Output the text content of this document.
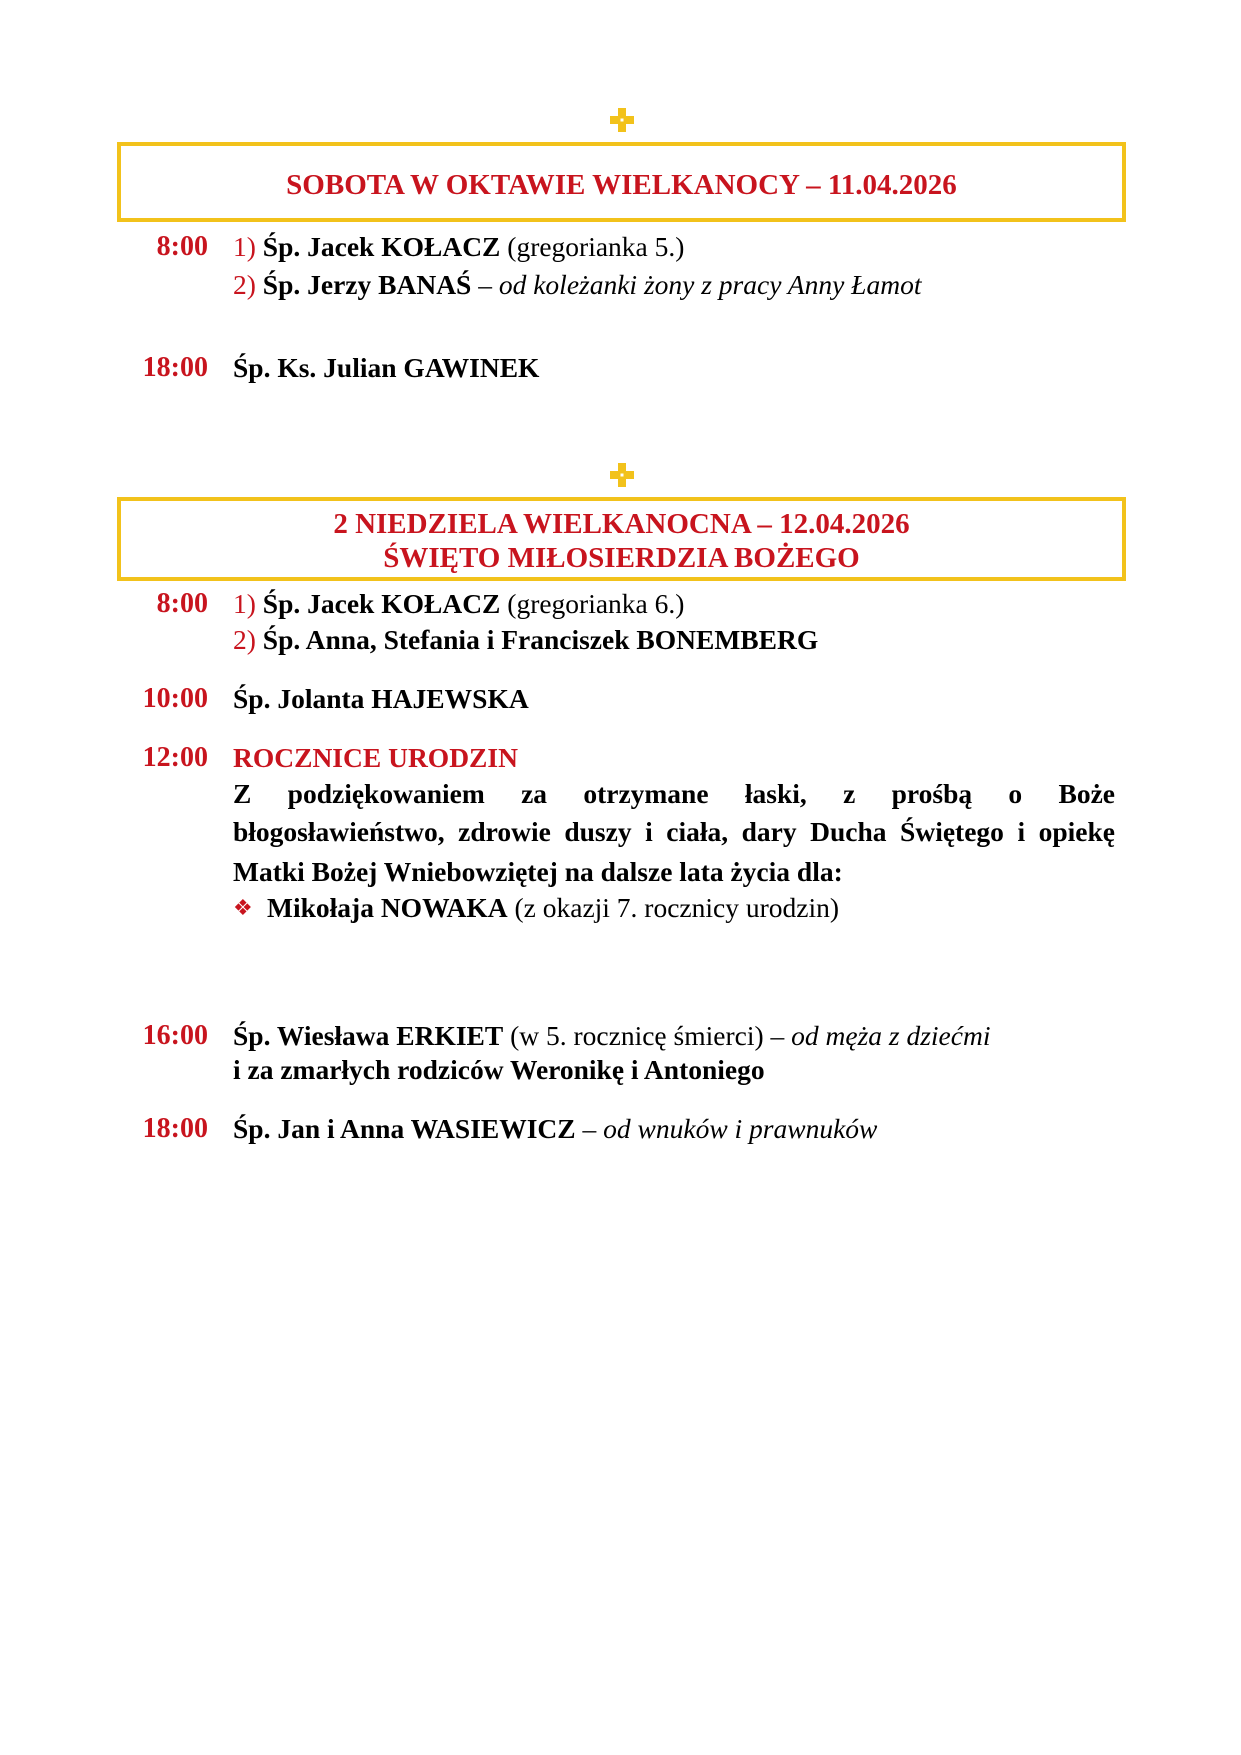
SOBOTA W OKTAWIE WIELKANOCY – 11.04.2026
8:00 1) Śp. Jacek KOŁACZ (gregorianka 5.)
2) Śp. Jerzy BANAŚ – od koleżanki żony z pracy Anny Łamot
18:00 Śp. Ks. Julian GAWINEK
2 NIEDZIELA WIELKANOCNA – 12.04.2026
ŚWIĘTO MIŁOSIERDZIA BOŻEGO
8:00 1) Śp. Jacek KOŁACZ (gregorianka 6.)
2) Śp. Anna, Stefania i Franciszek BONEMBERG
10:00 Śp. Jolanta HAJEWSKA
12:00 ROCZNICE URODZIN
Z podziękowaniem za otrzymane łaski, z prośbą o Boże
błogosławieństwo, zdrowie duszy i ciała, dary Ducha Świętego i opiekę
Matki Bożej Wniebowziętej na dalsze lata życia dla:
❖ Mikołaja NOWAKA (z okazji 7. rocznicy urodzin)
16:00 Śp. Wiesława ERKIET (w 5. rocznicę śmierci) – od męża z dziećmi
i za zmarłych rodziców Weronikę i Antoniego
18:00 Śp. Jan i Anna WASIEWICZ – od wnuków i prawnuków
